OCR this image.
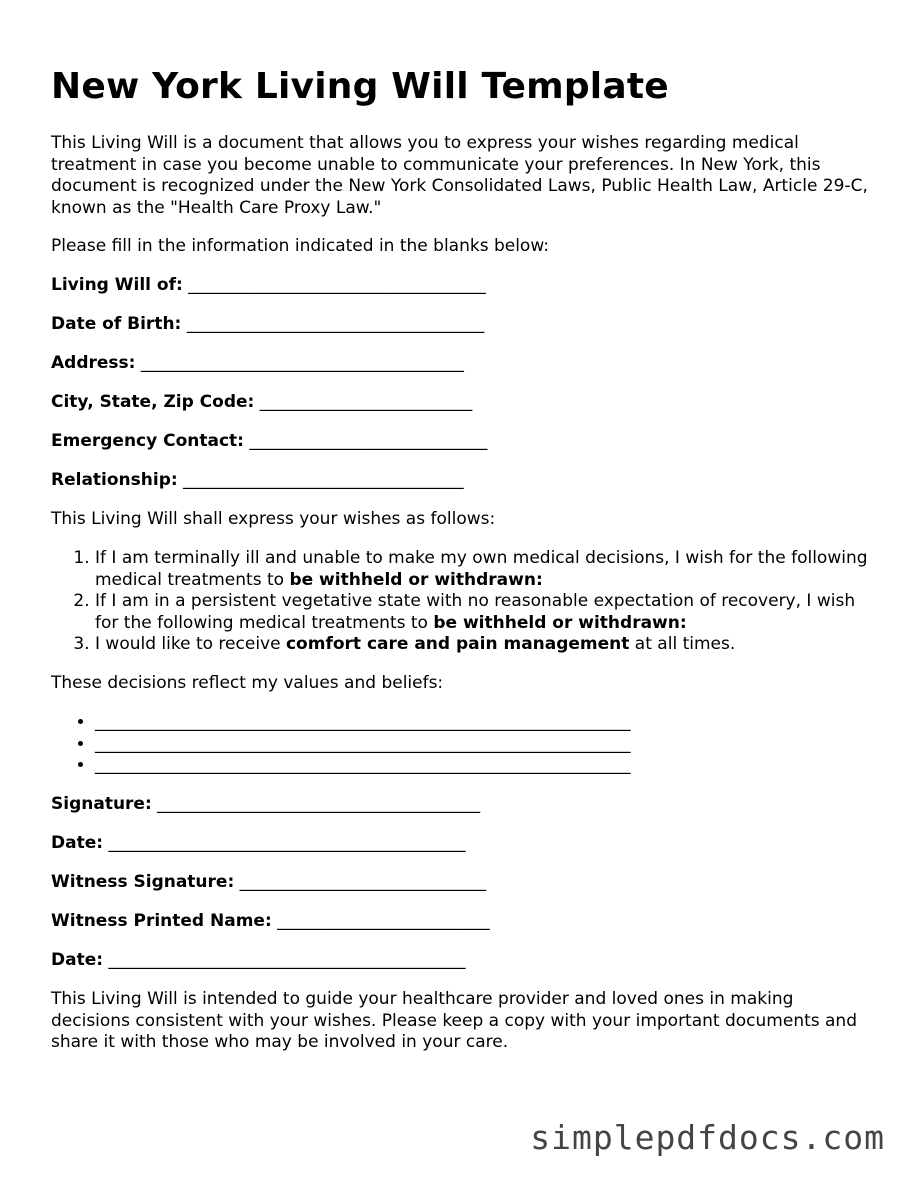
New York Living Will Template

This Living Will is a document that allows you to express your wishes regarding medical treatment in case you become unable to communicate your preferences. In New York, this document is recognized under the New York Consolidated Laws, Public Health Law, Article 29-C, known as the "Health Care Proxy Law."

Please fill in the information indicated in the blanks below:

Living Will of: ___________________________________
Date of Birth: ___________________________________
Address: ______________________________________
City, State, Zip Code: _________________________
Emergency Contact: ____________________________
Relationship: _________________________________

This Living Will shall express your wishes as follows:

1. If I am terminally ill and unable to make my own medical decisions, I wish for the following medical treatments to be withheld or withdrawn:
2. If I am in a persistent vegetative state with no reasonable expectation of recovery, I wish for the following medical treatments to be withheld or withdrawn:
3. I would like to receive comfort care and pain management at all times.

These decisions reflect my values and beliefs:

• _______________________________________________________________
• _______________________________________________________________
• _______________________________________________________________
Signature: ______________________________________
Date: __________________________________________
Witness Signature: _____________________________
Witness Printed Name: _________________________
Date: __________________________________________

This Living Will is intended to guide your healthcare provider and loved ones in making decisions consistent with your wishes. Please keep a copy with your important documents and share it with those who may be involved in your care.

simplepdfdocs.com
